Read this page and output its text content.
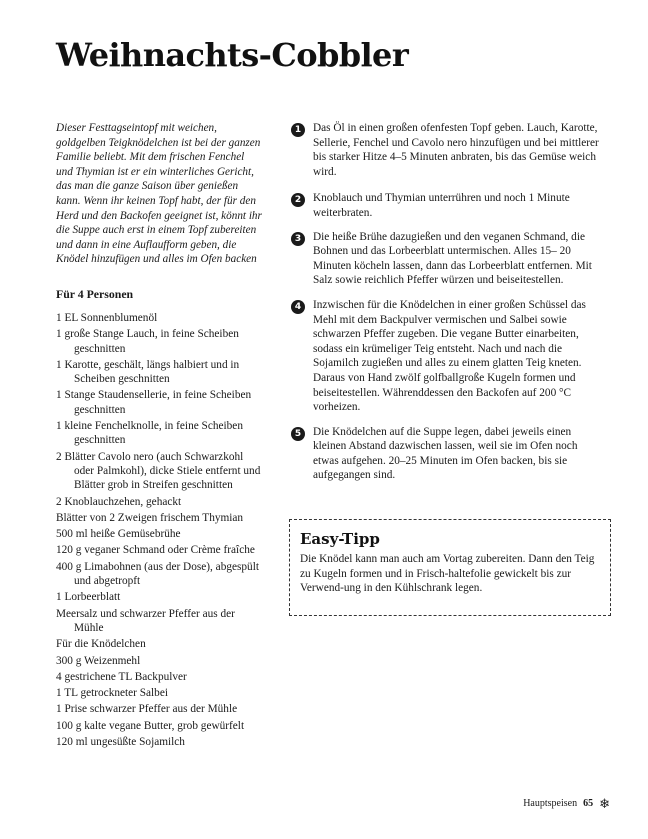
Weihnachts-Cobbler

Dieser Festtagseintopf mit weichen, goldgelben Teigknödelchen ist bei der ganzen Familie beliebt. Mit dem frischen Fenchel und Thymian ist er ein winterliches Gericht, das man die ganze Saison über genießen kann. Wenn ihr keinen Topf habt, der für den Herd und den Backofen geeignet ist, könnt ihr die Suppe auch erst in einem Topf zubereiten und dann in eine Auflaufform geben, die Knödel hinzufügen und alles im Ofen backen

Für 4 Personen

1 EL Sonnenblumenöl
1 große Stange Lauch, in feine Scheiben geschnitten
1 Karotte, geschält, längs halbiert und in Scheiben geschnitten
1 Stange Staudensellerie, in feine Scheiben geschnitten
1 kleine Fenchelknolle, in feine Scheiben geschnitten
2 Blätter Cavolo nero (auch Schwarzkohl oder Palmkohl), dicke Stiele entfernt und Blätter grob in Streifen geschnitten
2 Knoblauchzehen, gehackt
Blätter von 2 Zweigen frischem Thymian
500 ml heiße Gemüsebrühe
120 g veganer Schmand oder Crème fraîche
400 g Limabohnen (aus der Dose), abgespült und abgetropft
1 Lorbeerblatt
Meersalz und schwarzer Pfeffer aus der Mühle
Für die Knödelchen
300 g Weizenmehl
4 gestrichene TL Backpulver
1 TL getrockneter Salbei
1 Prise schwarzer Pfeffer aus der Mühle
100 g kalte vegane Butter, grob gewürfelt
120 ml ungesüßte Sojamilch
1	Das Öl in einen großen ofenfesten Topf geben. Lauch, Karotte, Sellerie, Fenchel und Cavolo nero hinzufügen und bei mittlerer bis starker Hitze 4–5 Minuten anbraten, bis das Gemüse weich wird.
2	Knoblauch und Thymian unterrühren und noch 1 Minute weiterbraten.
3	Die heiße Brühe dazugießen und den veganen Schmand, die Bohnen und das Lorbeerblatt untermischen. Alles 15– 20 Minuten köcheln lassen, dann das Lorbeerblatt entfernen. Mit Salz sowie reichlich Pfeffer würzen und beiseitestellen.
4	Inzwischen für die Knödelchen in einer großen Schüssel das Mehl mit dem Backpulver vermischen und Salbei sowie schwarzen Pfeffer zugeben. Die vegane Butter einarbeiten, sodass ein krümeliger Teig entsteht. Nach und nach die Sojamilch zugießen und alles zu einem glatten Teig kneten. Daraus von Hand zwölf golfballgroße Kugeln formen und beiseitestellen. Währenddessen den Backofen auf 200 °C vorheizen.
5	Die Knödelchen auf die Suppe legen, dabei jeweils einen kleinen Abstand dazwischen lassen, weil sie im Ofen noch etwas aufgehen. 20–25 Minuten im Ofen backen, bis sie aufgegangen sind.
Easy-Tipp

Die Knödel kann man auch am Vortag zubereiten. Dann den Teig zu Kugeln formen und in Frisch-haltefolie gewickelt bis zur Verwend-ung in den Kühlschrank legen.

Hauptspeisen 65 ❄
